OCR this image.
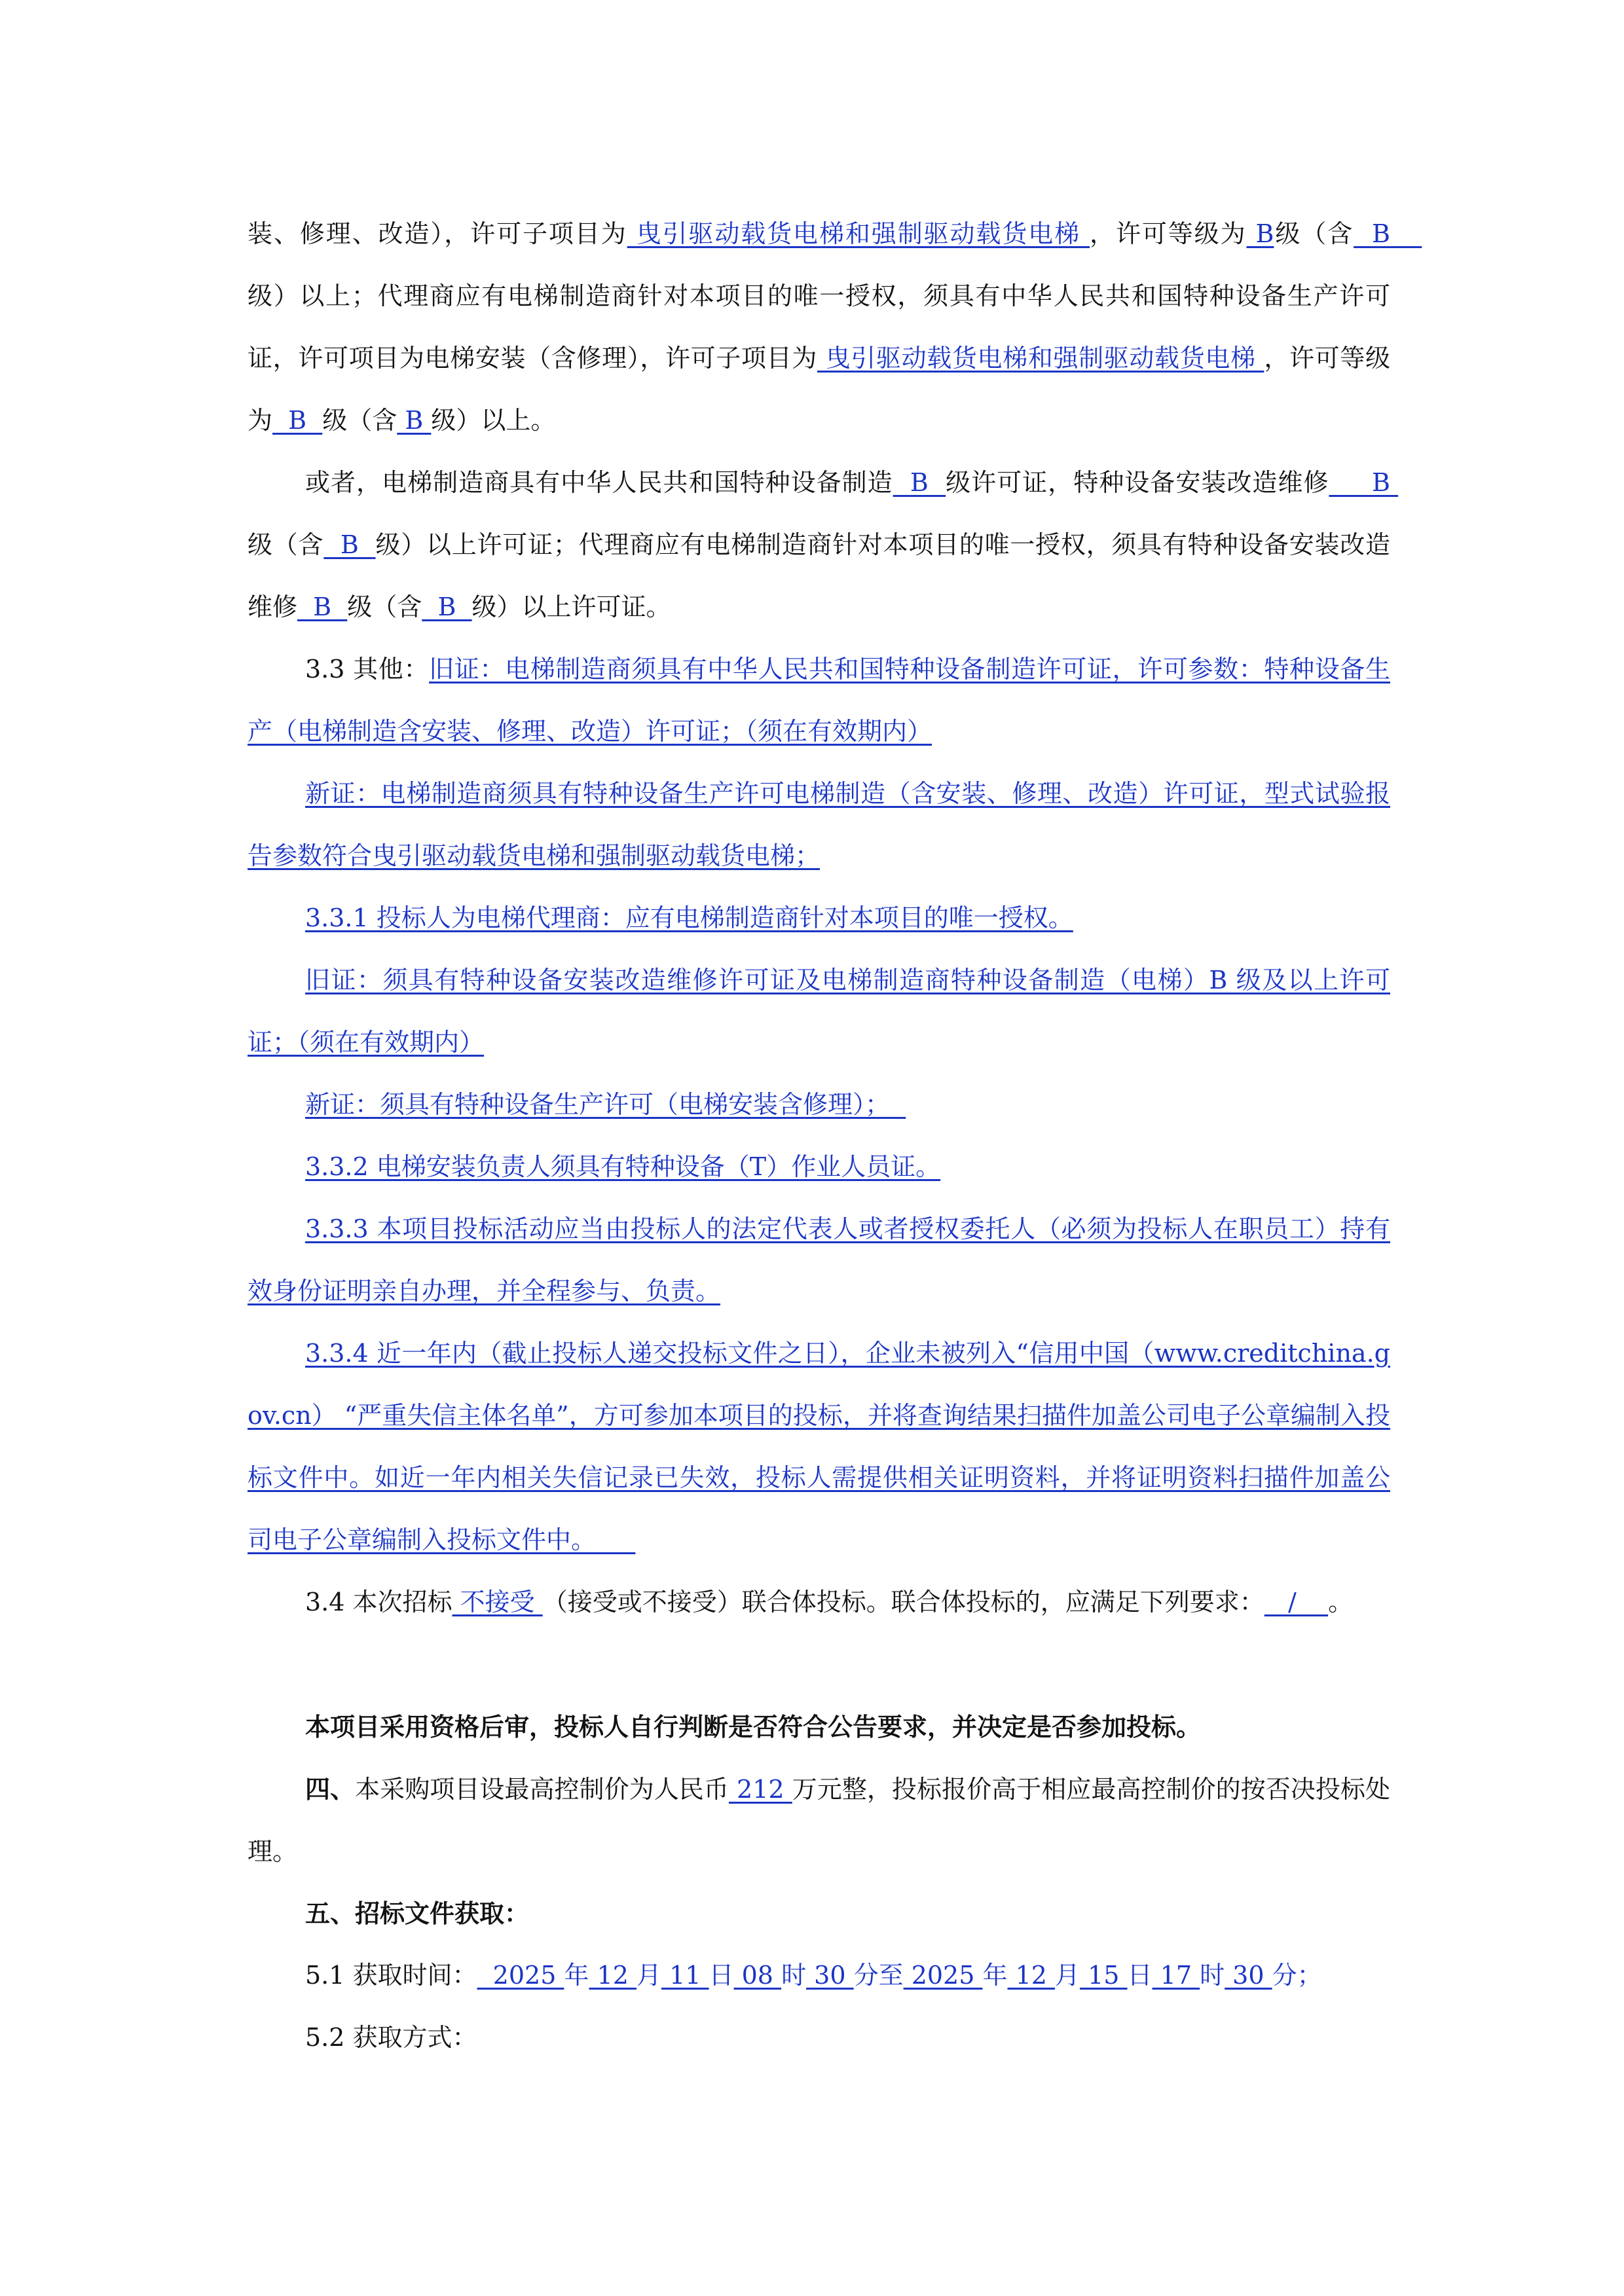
装、修理、改造），许可子项目为 曳引驱动载货电梯和强制驱动载货电梯 ，许可等级为 B级（含  B    级）以上；代理商应有电梯制造商针对本项目的唯一授权，须具有中华人民共和国特种设备生产许可证，许可项目为电梯安装（含修理），许可子项目为 曳引驱动载货电梯和强制驱动载货电梯 ，许可等级为  B  级（含 B 级）以上。

或者，电梯制造商具有中华人民共和国特种设备制造  B  级许可证，特种设备安装改造维修     B 级（含  B  级）以上许可证；代理商应有电梯制造商针对本项目的唯一授权，须具有特种设备安装改造维修  B  级（含  B  级）以上许可证。

3.3 其他：旧证：电梯制造商须具有中华人民共和国特种设备制造许可证，许可参数：特种设备生产（电梯制造含安装、修理、改造）许可证；（须在有效期内）

新证：电梯制造商须具有特种设备生产许可电梯制造（含安装、修理、改造）许可证，型式试验报告参数符合曳引驱动载货电梯和强制驱动载货电梯；

3.3.1 投标人为电梯代理商：应有电梯制造商针对本项目的唯一授权。

旧证：须具有特种设备安装改造维修许可证及电梯制造商特种设备制造（电梯）B 级及以上许可证；（须在有效期内）

新证：须具有特种设备生产许可（电梯安装含修理）；

3.3.2 电梯安装负责人须具有特种设备（T）作业人员证。

3.3.3 本项目投标活动应当由投标人的法定代表人或者授权委托人（必须为投标人在职员工）持有效身份证明亲自办理，并全程参与、负责。

3.3.4 近一年内（截止投标人递交投标文件之日），企业未被列入“信用中国（www.creditchina.gov.cn） “严重失信主体名单”，方可参加本项目的投标，并将查询结果扫描件加盖公司电子公章编制入投标文件中。如近一年内相关失信记录已失效，投标人需提供相关证明资料，并将证明资料扫描件加盖公司电子公章编制入投标文件中。

3.4 本次招标 不接受 （接受或不接受）联合体投标。联合体投标的，应满足下列要求：   /    。

本项目采用资格后审，投标人自行判断是否符合公告要求，并决定是否参加投标。

四、本采购项目设最高控制价为人民币 212 万元整，投标报价高于相应最高控制价的按否决投标处理。

五、招标文件获取：

5.1 获取时间：  2025 年 12 月 11 日 08 时 30 分至 2025 年 12 月 15 日 17 时 30 分；

5.2 获取方式：
